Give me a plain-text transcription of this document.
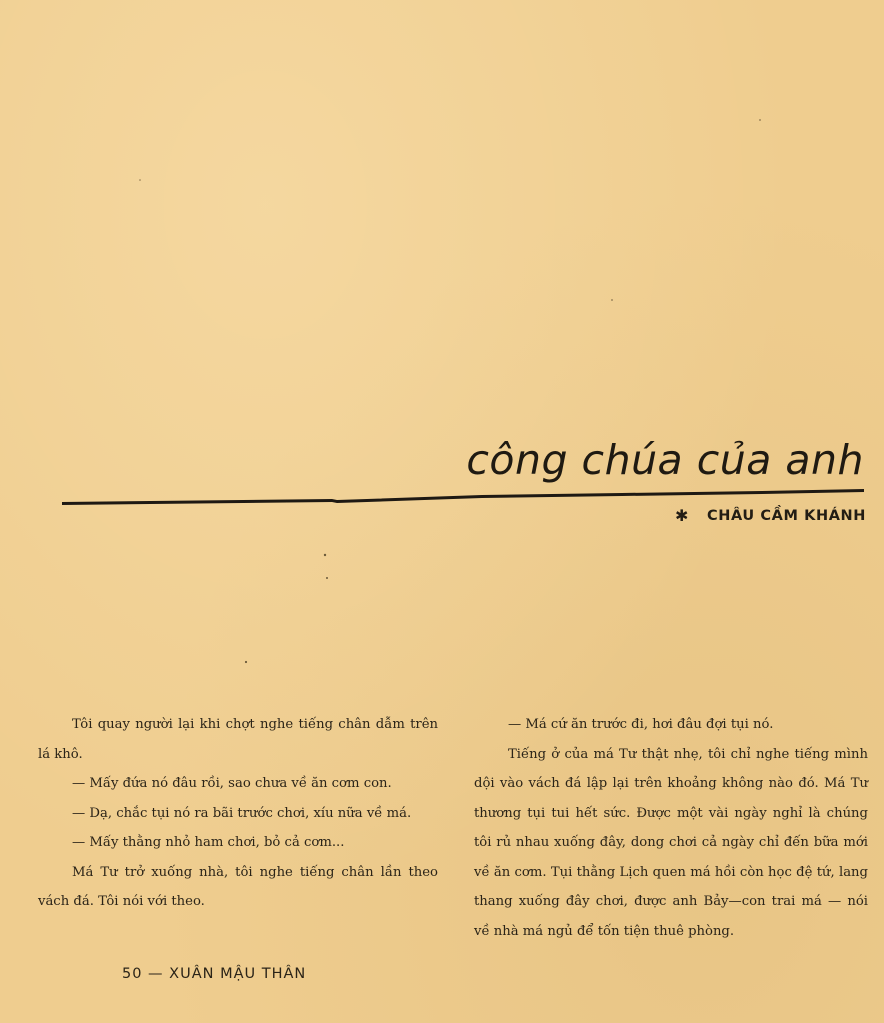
công chúa của anh
✱ CHÂU CẦM KHÁNH

Tôi quay người lại khi chợt nghe tiếng chân dẫm trên lá khô.

— Mấy đứa nó đâu rồi, sao chưa về ăn cơm con.

— Dạ, chắc tụi nó ra bãi trước chơi, xíu nữa về má.

— Mấy thằng nhỏ ham chơi, bỏ cả cơm...

Má Tư trở xuống nhà, tôi nghe tiếng chân lần theo vách đá. Tôi nói với theo.

— Má cứ ăn trước đi, hơi đâu đợi tụi nó.

Tiếng ở của má Tư thật nhẹ, tôi chỉ nghe tiếng mình dội vào vách đá lập lại trên khoảng không nào đó. Má Tư thương tụi tui hết sức. Được một vài ngày nghỉ là chúng tôi rủ nhau xuống đây, dong chơi cả ngày chỉ đến bữa mới về ăn cơm. Tụi thằng Lịch quen má hồi còn học đệ tứ, lang thang xuống đây chơi, được anh Bảy—con trai má — nói về nhà má ngủ để tốn tiện thuê phòng.

50 — XUÂN MẬU THÂN
